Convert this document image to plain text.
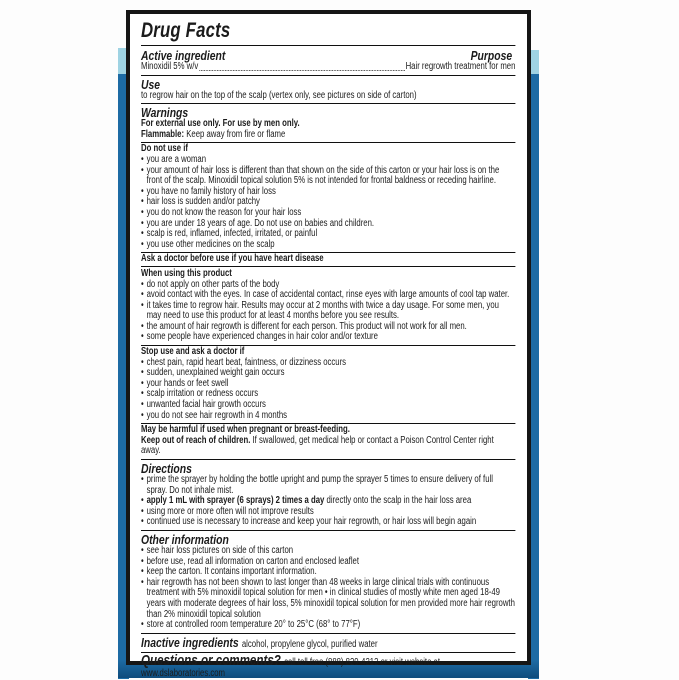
Drug Facts
Active ingredient	Purpose
Minoxidil 5% w/v	Hair regrowth treatment for men
Use

to regrow hair on the top of the scalp (vertex only, see pictures on side of carton)

Warnings

For external use only. For use by men only.

Flammable: Keep away from fire or flame

Do not use if

• you are a woman
• your amount of hair loss is different than that shown on the side of this carton or your hair loss is on the front of the scalp. Minoxidil topical solution 5% is not intended for frontal baldness or receding hairline.
• you have no family history of hair loss
• hair loss is sudden and/or patchy
• you do not know the reason for your hair loss
• you are under 18 years of age. Do not use on babies and children.
• scalp is red, inflamed, infected, irritated, or painful
• you use other medicines on the scalp

Ask a doctor before use if you have heart disease

When using this product

• do not apply on other parts of the body
• avoid contact with the eyes. In case of accidental contact, rinse eyes with large amounts of cool tap water.
• it takes time to regrow hair. Results may occur at 2 months with twice a day usage. For some men, you may need to use this product for at least 4 months before you see results.
• the amount of hair regrowth is different for each person. This product will not work for all men.
• some people have experienced changes in hair color and/or texture

Stop use and ask a doctor if

• chest pain, rapid heart beat, faintness, or dizziness occurs
• sudden, unexplained weight gain occurs
• your hands or feet swell
• scalp irritation or redness occurs
• unwanted facial hair growth occurs
• you do not see hair regrowth in 4 months

May be harmful if used when pregnant or breast-feeding.

Keep out of reach of children. If swallowed, get medical help or contact a Poison Control Center right away.

Directions
• prime the sprayer by holding the bottle upright and pump the sprayer 5 times to ensure delivery of full spray. Do not inhale mist.
• apply 1 mL with sprayer (6 sprays) 2 times a day directly onto the scalp in the hair loss area
• using more or more often will not improve results
• continued use is necessary to increase and keep your hair regrowth, or hair loss will begin again
Other information
• see hair loss pictures on side of this carton
• before use, read all information on carton and enclosed leaflet
• keep the carton. It contains important information.
• hair regrowth has not been shown to last longer than 48 weeks in large clinical trials with continuous treatment with 5% minoxidil topical solution for men • in clinical studies of mostly white men aged 18-49 years with moderate degrees of hair loss, 5% minoxidil topical solution for men provided more hair regrowth than 2% minoxidil topical solution
• store at controlled room temperature 20° to 25°C (68° to 77°F)

Inactive ingredients alcohol, propylene glycol, purified water

Questions or comments? call toll free (888) 829-4212 or visit website at www.dslaboratories.com
